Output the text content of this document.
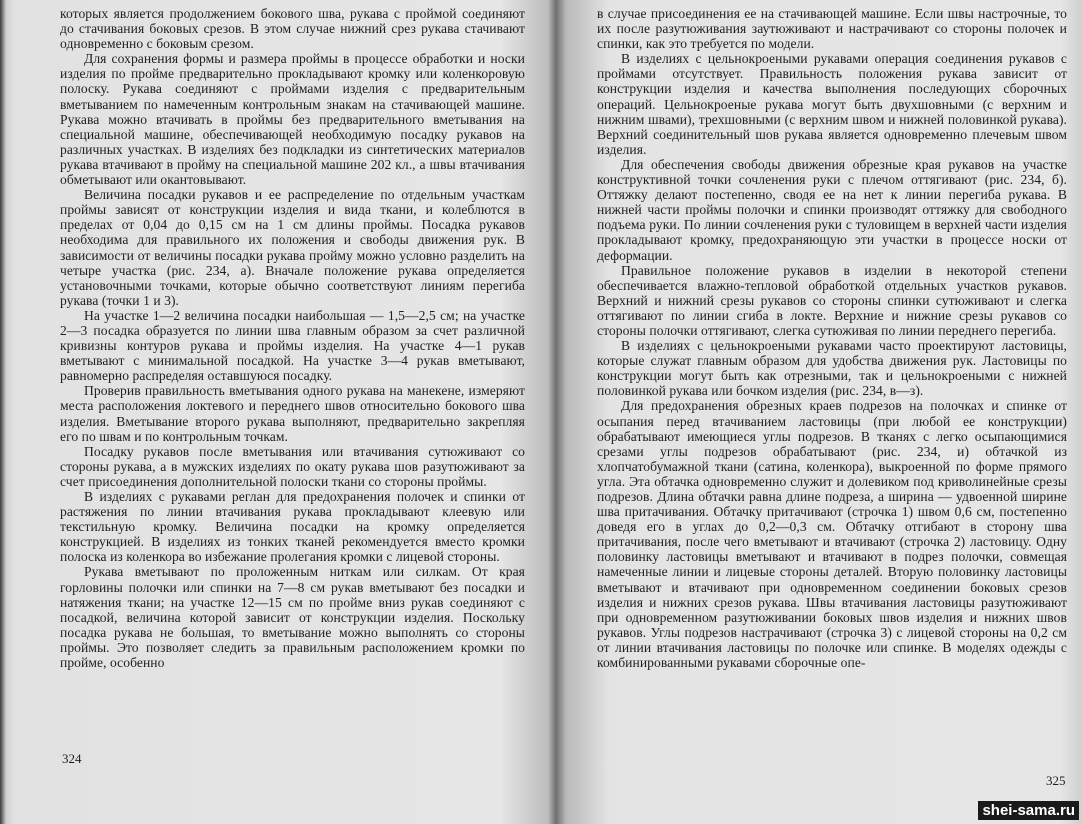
которых является продолжением бокового шва, рукава с проймой соединяют до стачивания боковых срезов. В этом случае нижний срез рукава стачивают одновременно с боковым срезом.

Для сохранения формы и размера проймы в процессе обработки и носки изделия по пройме предварительно прокладывают кромку или коленкоровую полоску. Рукава соединяют с проймами изделия с предварительным вметыванием по намеченным контрольным знакам на стачивающей машине. Рукава можно втачивать в проймы без предварительного вметывания на специальной машине, обеспечивающей необходимую посадку рукавов на различных участках. В изделиях без подкладки из синтетических материалов рукава втачивают в пройму на специальной машине 202 кл., а швы втачивания обметывают или окантовывают.

Величина посадки рукавов и ее распределение по отдельным участкам проймы зависят от конструкции изделия и вида ткани, и колеблются в пределах от 0,04 до 0,15 см на 1 см длины проймы. Посадка рукавов необходима для правильного их положения и свободы движения рук. В зависимости от величины посадки рукава пройму можно условно разделить на четыре участка (рис. 234, а). Вначале положение рукава определяется установочными точками, которые обычно соответствуют линиям перегиба рукава (точки 1 и 3).

На участке 1—2 величина посадки наибольшая — 1,5—2,5 см; на участке 2—3 посадка образуется по линии шва главным образом за счет различной кривизны контуров рукава и проймы изделия. На участке 4—1 рукав вметывают с минимальной посадкой. На участке 3—4 рукав вметывают, равномерно распределяя оставшуюся посадку.

Проверив правильность вметывания одного рукава на манекене, измеряют места расположения локтевого и переднего швов относительно бокового шва изделия. Вметывание второго рукава выполняют, предварительно закрепляя его по швам и по контрольным точкам.

Посадку рукавов после вметывания или втачивания сутюживают со стороны рукава, а в мужских изделиях по окату рукава шов разутюживают за счет присоединения дополнительной полоски ткани со стороны проймы.

В изделиях с рукавами реглан для предохранения полочек и спинки от растяжения по линии втачивания рукава прокладывают клеевую или текстильную кромку. Величина посадки на кромку определяется конструкцией. В изделиях из тонких тканей рекомендуется вместо кромки полоска из коленкора во избежание пролегания кромки с лицевой стороны.

Рукава вметывают по проложенным ниткам или силкам. От края горловины полочки или спинки на 7—8 см рукав вметывают без посадки и натяжения ткани; на участке 12—15 см по пройме вниз рукав соединяют с посадкой, величина которой зависит от конструкции изделия. Поскольку посадка рукава не большая, то вметывание можно выполнять со стороны проймы. Это позволяет следить за правильным расположением кромки по пройме, особенно

324

в случае присоединения ее на стачивающей машине. Если швы настрочные, то их после разутюживания заутюживают и настрачивают со стороны полочек и спинки, как это требуется по модели.

В изделиях с цельнокроеными рукавами операция соединения рукавов с проймами отсутствует. Правильность положения рукава зависит от конструкции изделия и качества выполнения последующих сборочных операций. Цельнокроеные рукава могут быть двухшовными (с верхним и нижним швами), трехшовными (с верхним швом и нижней половинкой рукава). Верхний соединительный шов рукава является одновременно плечевым швом изделия.

Для обеспечения свободы движения обрезные края рукавов на участке конструктивной точки сочленения руки с плечом оттягивают (рис. 234, б). Оттяжку делают постепенно, сводя ее на нет к линии перегиба рукава. В нижней части проймы полочки и спинки производят оттяжку для свободного подъема руки. По линии сочленения руки с туловищем в верхней части изделия прокладывают кромку, предохраняющую эти участки в процессе носки от деформации.

Правильное положение рукавов в изделии в некоторой степени обеспечивается влажно-тепловой обработкой отдельных участков рукавов. Верхний и нижний срезы рукавов со стороны спинки сутюживают и слегка оттягивают по линии сгиба в локте. Верхние и нижние срезы рукавов со стороны полочки оттягивают, слегка сутюживая по линии переднего перегиба.

В изделиях с цельнокроеными рукавами часто проектируют ластовицы, которые служат главным образом для удобства движения рук. Ластовицы по конструкции могут быть как отрезными, так и цельнокроеными с нижней половинкой рукава или бочком изделия (рис. 234, в—з).

Для предохранения обрезных краев подрезов на полочках и спинке от осыпания перед втачиванием ластовицы (при любой ее конструкции) обрабатывают имеющиеся углы подрезов. В тканях с легко осыпающимися срезами углы подрезов обрабатывают (рис. 234, и) обтачкой из хлопчатобумажной ткани (сатина, коленкора), выкроенной по форме прямого угла. Эта обтачка одновременно служит и долевиком под криволинейные срезы подрезов. Длина обтачки равна длине подреза, а ширина — удвоенной ширине шва притачивания. Обтачку притачивают (строчка 1) швом 0,6 см, постепенно доведя его в углах до 0,2—0,3 см. Обтачку отгибают в сторону шва притачивания, после чего вметывают и втачивают (строчка 2) ластовицу. Одну половинку ластовицы вметывают и втачивают в подрез полочки, совмещая намеченные линии и лицевые стороны деталей. Вторую половинку ластовицы вметывают и втачивают при одновременном соединении боковых срезов изделия и нижних срезов рукава. Швы втачивания ластовицы разутюживают при одновременном разутюживании боковых швов изделия и нижних швов рукавов. Углы подрезов настрачивают (строчка 3) с лицевой стороны на 0,2 см от линии втачивания ластовицы по полочке или спинке. В моделях одежды с комбинированными рукавами сборочные опе-

325
shei-sama.ru
